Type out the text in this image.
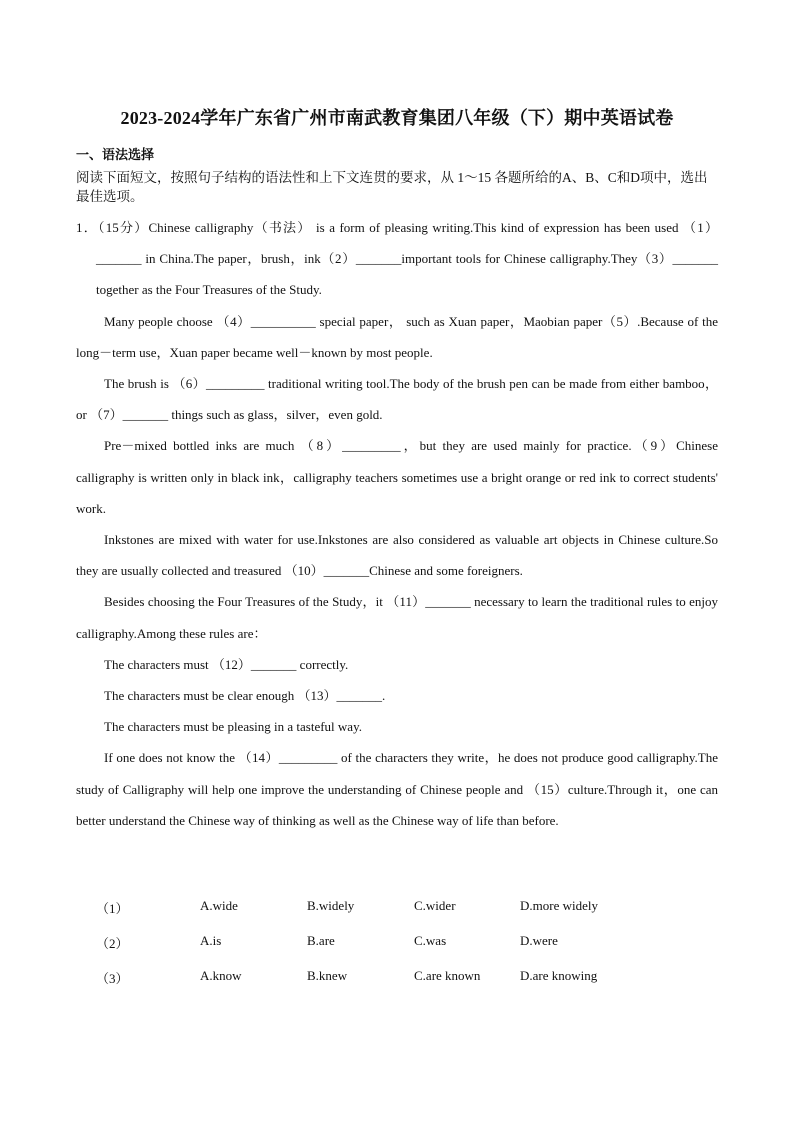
2023-2024学年广东省广州市南武教育集团八年级（下）期中英语试卷
一、语法选择
阅读下面短文，按照句子结构的语法性和上下文连贯的要求，从 1～15 各题所给的A、B、C和D项中，选出最佳选项。

1．（15分）Chinese calligraphy（书法） is a form of pleasing writing.This kind of expression has been used （1）_______ in China.The paper，brush，ink（2）_______important tools for Chinese calligraphy.They（3）_______ together as the Four Treasures of the Study.

Many people choose （4）__________ special paper， such as Xuan paper，Maobian paper（5）.Because of the long－term use，Xuan paper became well－known by most people.

The brush is （6）_________ traditional writing tool.The body of the brush pen can be made from either bamboo，or （7）_______ things such as glass，silver，even gold.

Pre－mixed bottled inks are much （8）_________，but they are used mainly for practice.（9）Chinese calligraphy is written only in black ink，calligraphy teachers sometimes use a bright orange or red ink to correct students' work.

Inkstones are mixed with water for use.Inkstones are also considered as valuable art objects in Chinese culture.So they are usually collected and treasured （10）_______Chinese and some foreigners.

Besides choosing the Four Treasures of the Study，it （11）_______ necessary to learn the traditional rules to enjoy calligraphy.Among these rules are：

The characters must （12）_______ correctly.

The characters must be clear enough （13）_______.

The characters must be pleasing in a tasteful way.

If one does not know the （14）_________ of the characters they write，he does not produce good calligraphy.The study of Calligraphy will help one improve the understanding of Chinese people and （15）culture.Through it，one can better understand the Chinese way of thinking as well as the Chinese way of life than before.

（1）	A.wide	B.widely	C.wider	D.more widely
（2）	A.is	B.are	C.was	D.were
（3）	A.know	B.knew	C.are known	D.are knowing
